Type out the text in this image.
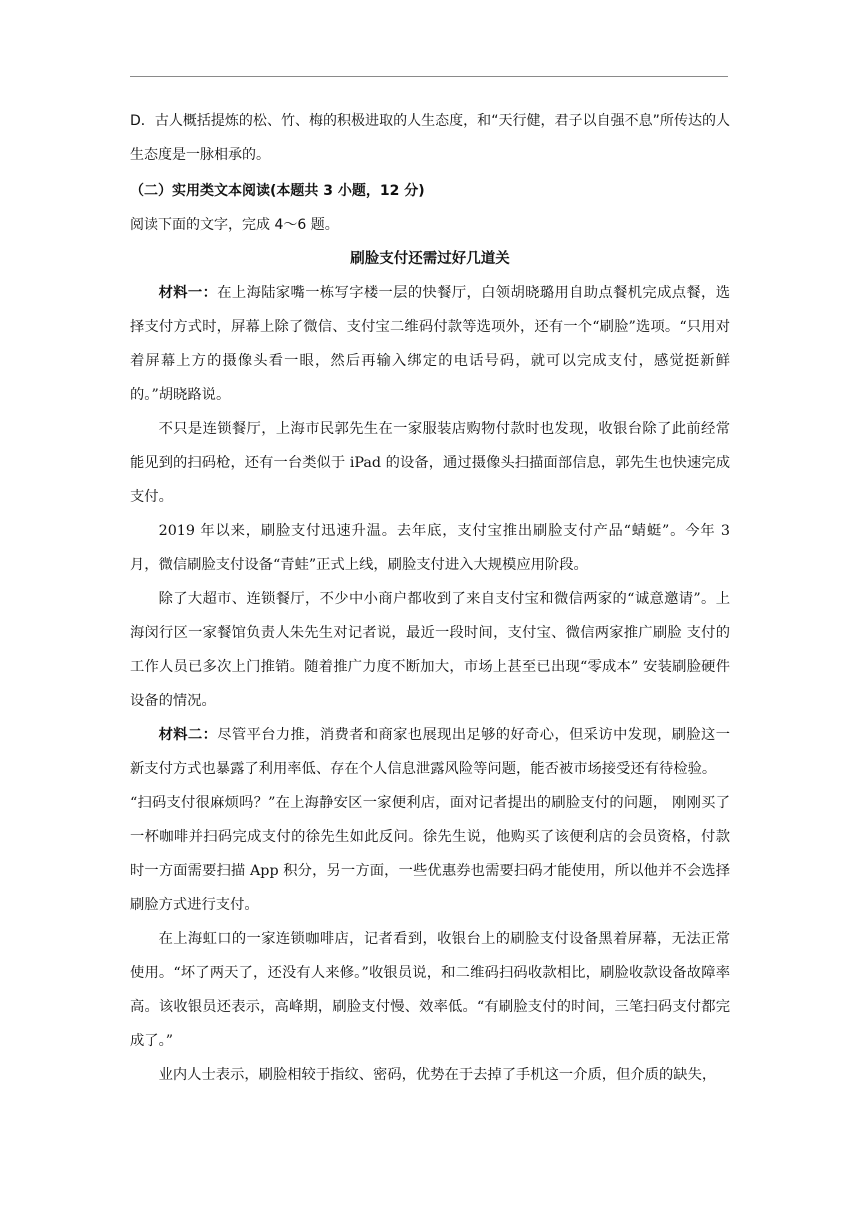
D．古人概括提炼的松、竹、梅的积极进取的人生态度，和“天行健，君子以自强不息”所传达的人生态度是一脉相承的。

（二）实用类文本阅读(本题共 3 小题，12 分)

阅读下面的文字，完成 4～6 题。

刷脸支付还需过好几道关

材料一：在上海陆家嘴一栋写字楼一层的快餐厅，白领胡晓璐用自助点餐机完成点餐，选择支付方式时，屏幕上除了微信、支付宝二维码付款等选项外，还有一个“刷脸”选项。“只用对着屏幕上方的摄像头看一眼，然后再输入绑定的电话号码，就可以完成支付，感觉挺新鲜的。”胡晓路说。

不只是连锁餐厅，上海市民郭先生在一家服装店购物付款时也发现，收银台除了此前经常能见到的扫码枪，还有一台类似于 iPad 的设备，通过摄像头扫描面部信息，郭先生也快速完成支付。

2019 年以来，刷脸支付迅速升温。去年底，支付宝推出刷脸支付产品“蜻蜓”。今年 3 月，微信刷脸支付设备“青蛙”正式上线，刷脸支付进入大规模应用阶段。

除了大超市、连锁餐厅，不少中小商户都收到了来自支付宝和微信两家的“诚意邀请”。上海闵行区一家餐馆负责人朱先生对记者说，最近一段时间，支付宝、微信两家推广刷脸 支付的工作人员已多次上门推销。随着推广力度不断加大，市场上甚至已出现“零成本” 安装刷脸硬件设备的情况。

材料二：尽管平台力推，消费者和商家也展现出足够的好奇心，但采访中发现，刷脸这一新支付方式也暴露了利用率低、存在个人信息泄露风险等问题，能否被市场接受还有待检验。

“扫码支付很麻烦吗？”在上海静安区一家便利店，面对记者提出的刷脸支付的问题， 刚刚买了一杯咖啡并扫码完成支付的徐先生如此反问。徐先生说，他购买了该便利店的会员资格，付款时一方面需要扫描 App 积分，另一方面，一些优惠券也需要扫码才能使用，所以他并不会选择刷脸方式进行支付。

在上海虹口的一家连锁咖啡店，记者看到，收银台上的刷脸支付设备黑着屏幕，无法正常使用。“坏了两天了，还没有人来修。”收银员说，和二维码扫码收款相比，刷脸收款设备故障率高。该收银员还表示，高峰期，刷脸支付慢、效率低。“有刷脸支付的时间，三笔扫码支付都完成了。”

业内人士表示，刷脸相较于指纹、密码，优势在于去掉了手机这一介质，但介质的缺失，
